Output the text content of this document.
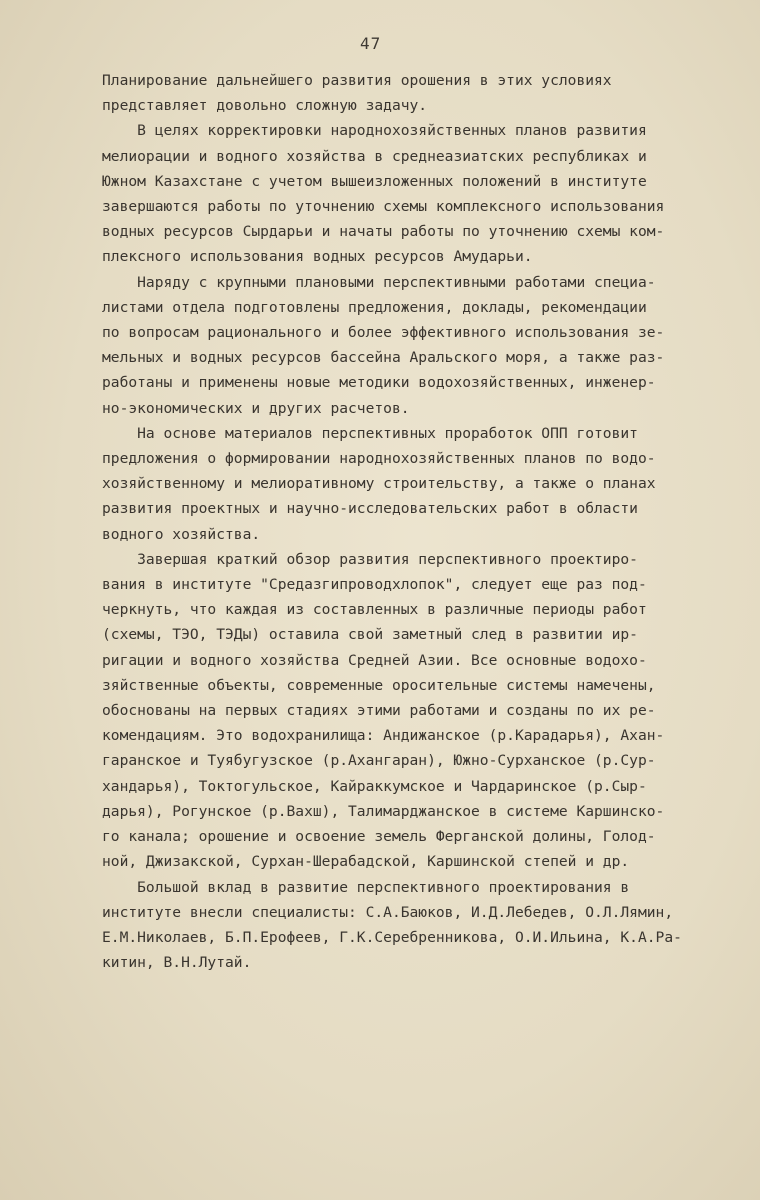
47
Планирование дальнейшего развития орошения в этих условиях
представляет довольно сложную задачу.
В целях корректировки народнохозяйственных планов развития
мелиорации и водного хозяйства в среднеазиатских республиках и
Южном Казахстане с учетом вышеизложенных положений в институте
завершаются работы по уточнению схемы комплексного использования
водных ресурсов Сырдарьи и начаты работы по уточнению схемы ком-
плексного использования водных ресурсов Амударьи.
Наряду с крупными плановыми перспективными работами специа-
листами отдела подготовлены предложения, доклады, рекомендации
по вопросам рационального и более эффективного использования зе-
мельных и водных ресурсов бассейна Аральского моря, а также раз-
работаны и применены новые методики водохозяйственных, инженер-
но-экономических и других расчетов.
На основе материалов перспективных проработок ОПП готовит
предложения о формировании народнохозяйственных планов по водо-
хозяйственному и мелиоративному строительству, а также о планах
развития проектных и научно-исследовательских работ в области
водного хозяйства.
Завершая краткий обзор развития перспективного проектиро-
вания в институте "Средазгипроводхлопок", следует еще раз под-
черкнуть, что каждая из составленных в различные периоды работ
(схемы, ТЭО, ТЭДы) оставила свой заметный след в развитии ир-
ригации и водного хозяйства Средней Азии. Все основные водохо-
зяйственные объекты, современные оросительные системы намечены,
обоснованы на первых стадиях этими работами и созданы по их ре-
комендациям. Это водохранилища: Андижанское (р.Карадарья), Ахан-
гаранское и Туябугузское (р.Ахангаран), Южно-Сурханское (р.Сур-
хандарья), Токтогульское, Кайраккумское и Чардаринское (р.Сыр-
дарья), Рогунское (р.Вахш), Талимарджанское в системе Каршинско-
го канала; орошение и освоение земель Ферганской долины, Голод-
ной, Джизакской, Сурхан-Шерабадской, Каршинской степей и др.
Большой вклад в развитие перспективного проектирования в
институте внесли специалисты: С.А.Баюков, И.Д.Лебедев, О.Л.Лямин,
Е.М.Николаев, Б.П.Ерофеев, Г.К.Серебренникова, О.И.Ильина, К.А.Ра-
китин, В.Н.Лутай.
